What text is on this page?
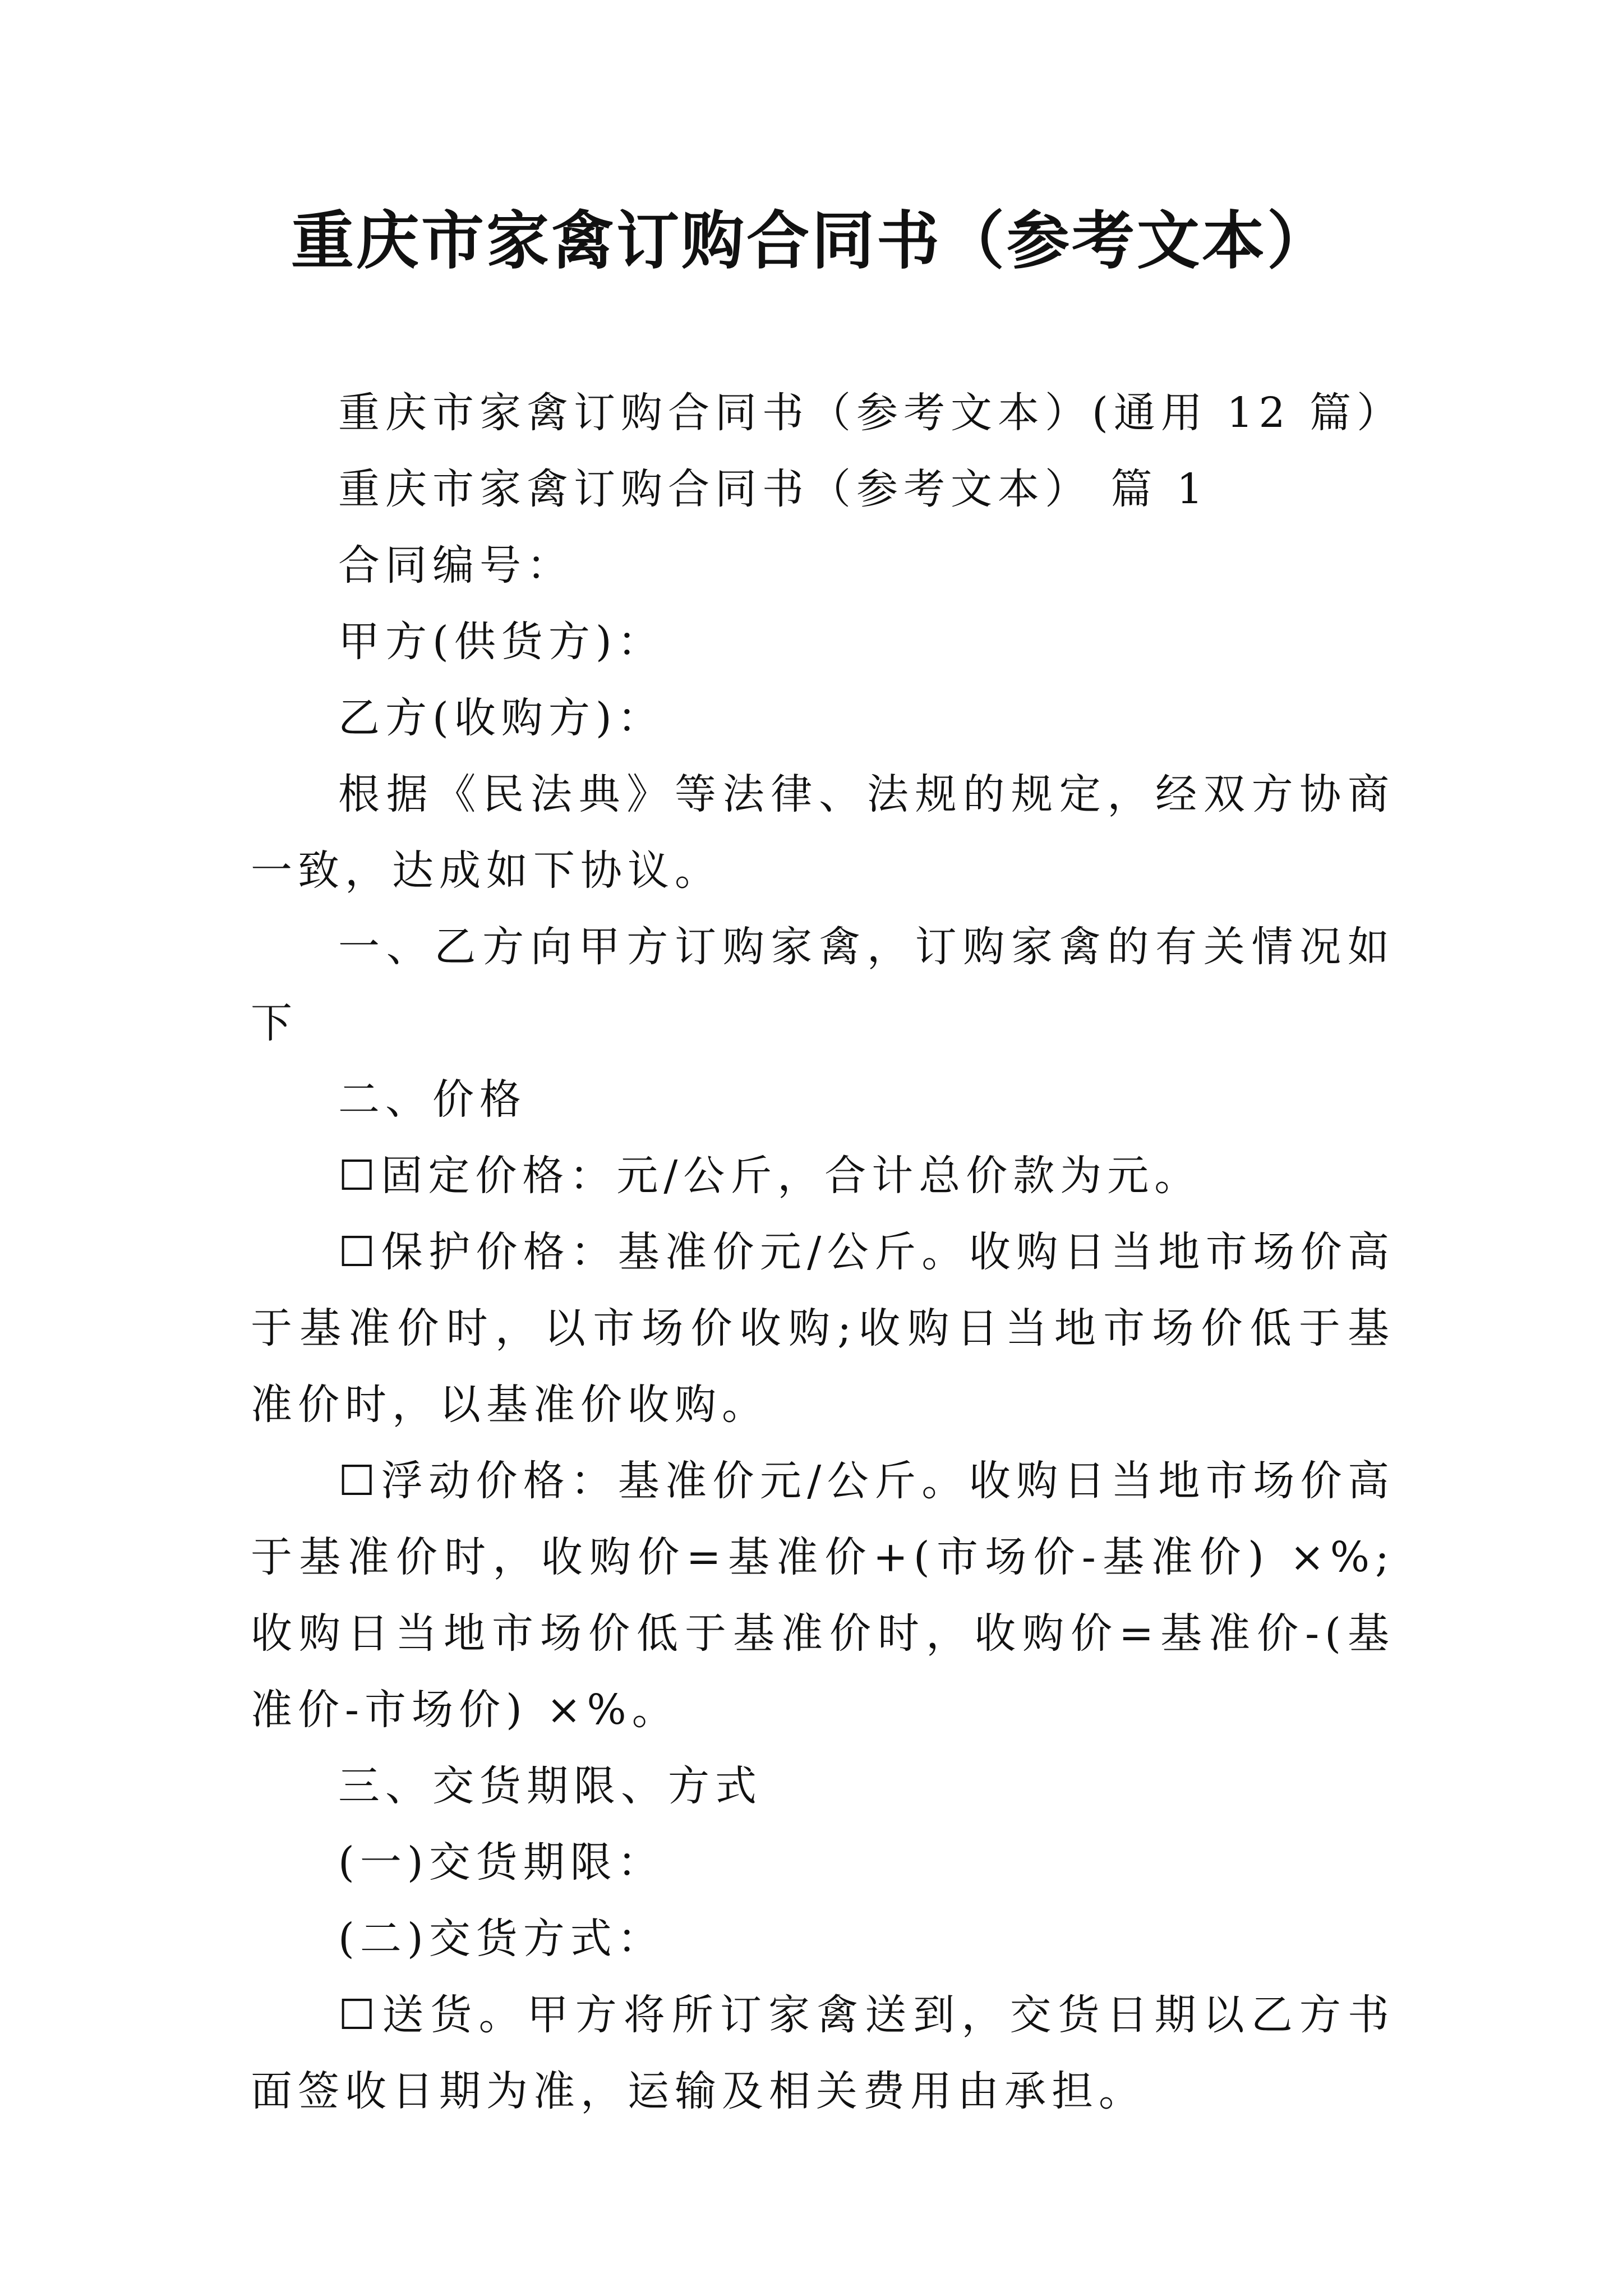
重庆市家禽订购合同书（参考文本）

重庆市家禽订购合同书（参考文本）(通用 12 篇）

重庆市家禽订购合同书（参考文本） 篇 1

合同编号：

甲方(供货方)：

乙方(收购方)：

根据《民法典》等法律、法规的规定，经双方协商一致，达成如下协议。

一、乙方向甲方订购家禽，订购家禽的有关情况如下

二、价格

☐固定价格：元/公斤，合计总价款为元。

☐保护价格：基准价元/公斤。收购日当地市场价高于基准价时，以市场价收购;收购日当地市场价低于基准价时，以基准价收购。

☐浮动价格：基准价元/公斤。收购日当地市场价高于基准价时，收购价=基准价+(市场价-基准价) ×%;收购日当地市场价低于基准价时，收购价=基准价-(基准价-市场价) ×%。

三、交货期限、方式

(一)交货期限：

(二)交货方式：

☐送货。甲方将所订家禽送到，交货日期以乙方书面签收日期为准，运输及相关费用由承担。
